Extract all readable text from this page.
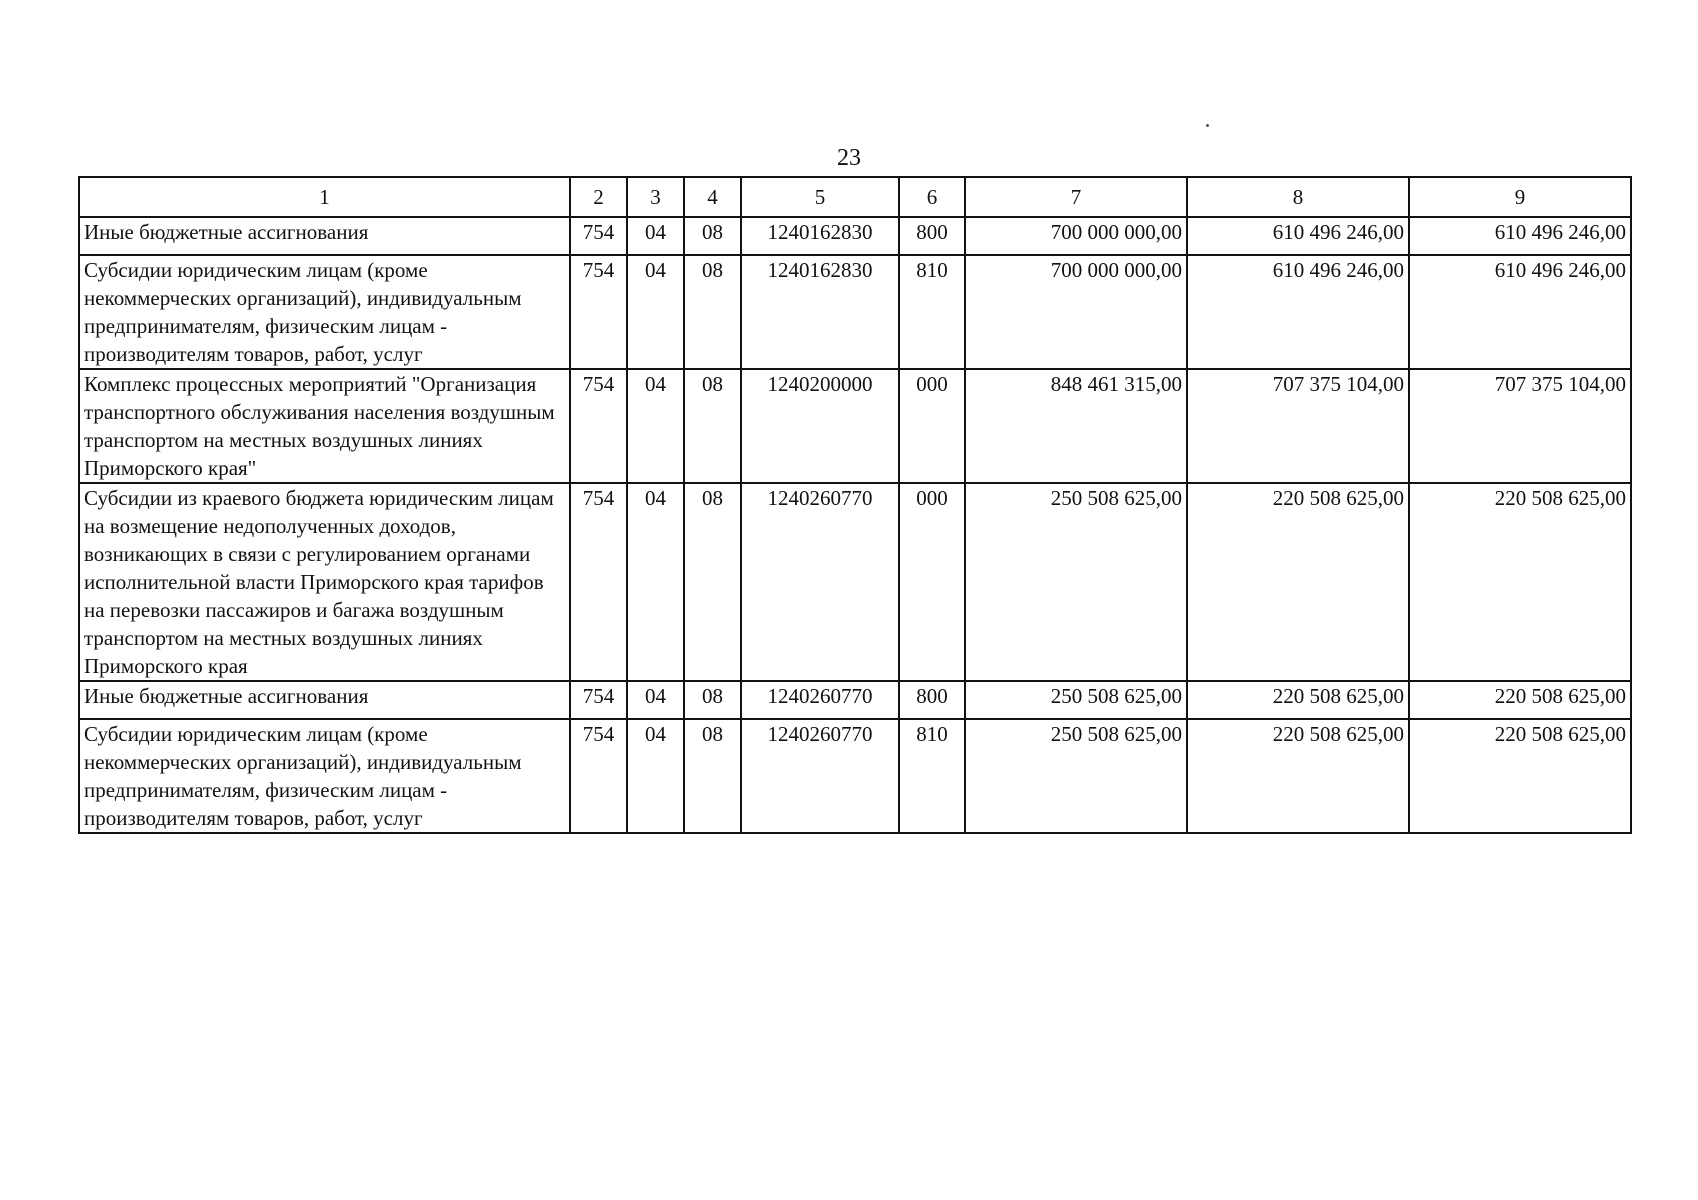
23
1	2	3	4	5	6	7	8	9
Иные бюджетные ассигнования	754	04	08	1240162830	800	700 000 000,00	610 496 246,00	610 496 246,00
Субсидии юридическим лицам (кроме некоммерческих организаций), индивидуальным предпринимателям, физическим лицам - производителям товаров, работ, услуг	754	04	08	1240162830	810	700 000 000,00	610 496 246,00	610 496 246,00
Комплекс процессных мероприятий "Организация транспортного обслуживания населения воздушным транспортом на местных воздушных линиях Приморского края"	754	04	08	1240200000	000	848 461 315,00	707 375 104,00	707 375 104,00
Субсидии из краевого бюджета юридическим лицам на возмещение недополученных доходов, возникающих в связи с регулированием органами исполнительной власти Приморского края тарифов на перевозки пассажиров и багажа воздушным транспортом на местных воздушных линиях Приморского края	754	04	08	1240260770	000	250 508 625,00	220 508 625,00	220 508 625,00
Иные бюджетные ассигнования	754	04	08	1240260770	800	250 508 625,00	220 508 625,00	220 508 625,00
Субсидии юридическим лицам (кроме некоммерческих организаций), индивидуальным предпринимателям, физическим лицам - производителям товаров, работ, услуг	754	04	08	1240260770	810	250 508 625,00	220 508 625,00	220 508 625,00
